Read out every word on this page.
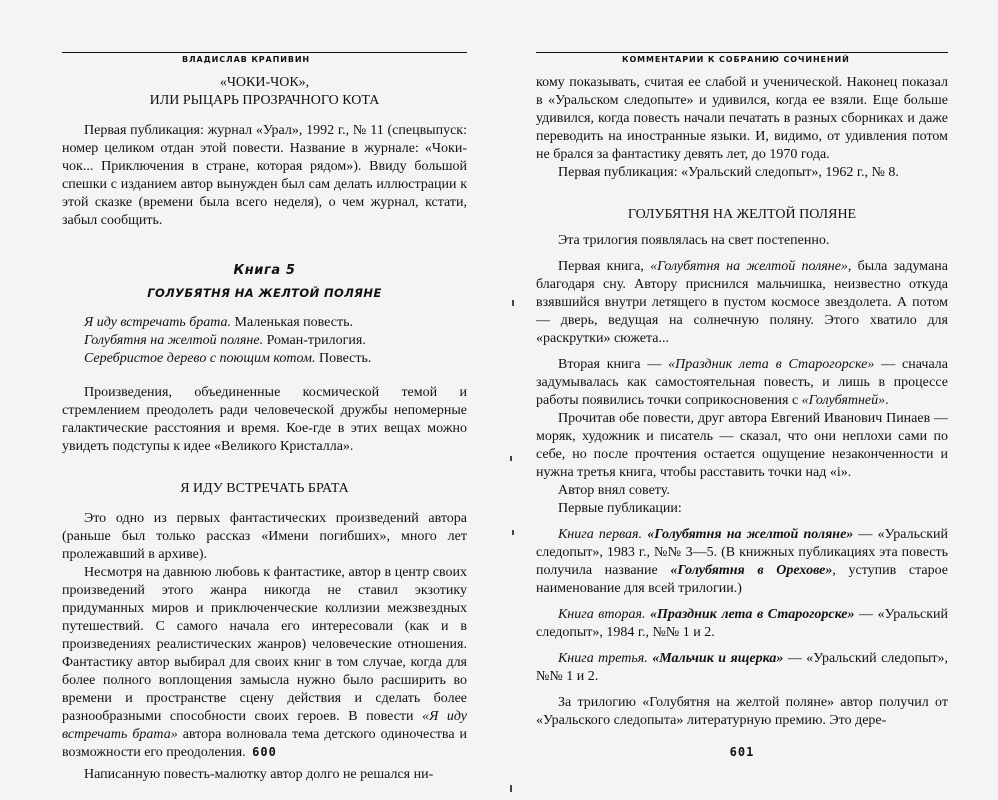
ВЛАДИСЛАВ КРАПИВИН

«ЧОКИ-ЧОК»,

ИЛИ РЫЦАРЬ ПРОЗРАЧНОГО КОТА

Первая публикация: журнал «Урал», 1992 г., № 11 (спецвыпуск: номер целиком отдан этой повести. Название в журнале: «Чоки-чок... Приключения в стране, которая рядом»). Ввиду большой спешки с изданием автор вынужден был сам делать иллюстрации к этой сказке (времени была всего неделя), о чем журнал, кстати, забыл сообщить.

Книга 5

ГОЛУБЯТНЯ НА ЖЕЛТОЙ ПОЛЯНЕ

Я иду встречать брата. Маленькая повесть.

Голубятня на желтой поляне. Роман-трилогия.

Серебристое дерево с поющим котом. Повесть.

Произведения, объединенные космической темой и стремлением преодолеть ради человеческой дружбы непомерные галактические расстояния и время. Кое-где в этих вещах можно увидеть подступы к идее «Великого Кристалла».

Я ИДУ ВСТРЕЧАТЬ БРАТА

Это одно из первых фантастических произведений автора (раньше был только рассказ «Имени погибших», много лет пролежавший в архиве).

Несмотря на давнюю любовь к фантастике, автор в центр своих произведений этого жанра никогда не ставил экзотику придуманных миров и приключенческие коллизии межзвездных путешествий. С самого начала его интересовали (как и в произведениях реалистических жанров) человеческие отношения. Фантастику автор выбирал для своих книг в том случае, когда для более полного воплощения замысла нужно было расширить во времени и пространстве сцену действия и сделать более разнообразными способности своих героев. В повести «Я иду встречать брата» автора волновала тема детского одиночества и возможности его преодоления.

Написанную повесть-малютку автор долго не решался ни-

600
КОММЕНТАРИИ К СОБРАНИЮ СОЧИНЕНИЙ

кому показывать, считая ее слабой и ученической. Наконец показал в «Уральском следопыте» и удивился, когда ее взяли. Еще больше удивился, когда повесть начали печатать в разных сборниках и даже переводить на иностранные языки. И, видимо, от удивления потом не брался за фантастику девять лет, до 1970 года.

Первая публикация: «Уральский следопыт», 1962 г., № 8.

ГОЛУБЯТНЯ НА ЖЕЛТОЙ ПОЛЯНЕ

Эта трилогия появлялась на свет постепенно.

Первая книга, «Голубятня на желтой поляне», была задумана благодаря сну. Автору приснился мальчишка, неизвестно откуда взявшийся внутри летящего в пустом космосе звездолета. А потом — дверь, ведущая на солнечную поляну. Этого хватило для «раскрутки» сюжета...

Вторая книга — «Праздник лета в Старогорске» — сначала задумывалась как самостоятельная повесть, и лишь в процессе работы появились точки соприкосновения с «Голубятней».

Прочитав обе повести, друг автора Евгений Иванович Пинаев — моряк, художник и писатель — сказал, что они неплохи сами по себе, но после прочтения остается ощущение незаконченности и нужна третья книга, чтобы расставить точки над «i».

Автор внял совету.

Первые публикации:

Книга первая. «Голубятня на желтой поляне» — «Уральский следопыт», 1983 г., №№ 3—5. (В книжных публикациях эта повесть получила название «Голубятня в Орехове», уступив старое наименование для всей трилогии.)

Книга вторая. «Праздник лета в Старогорске» — «Уральский следопыт», 1984 г., №№ 1 и 2.

Книга третья. «Мальчик и ящерка» — «Уральский следопыт», №№ 1 и 2.

За трилогию «Голубятня на желтой поляне» автор получил от «Уральского следопыта» литературную премию. Это дере-

601
